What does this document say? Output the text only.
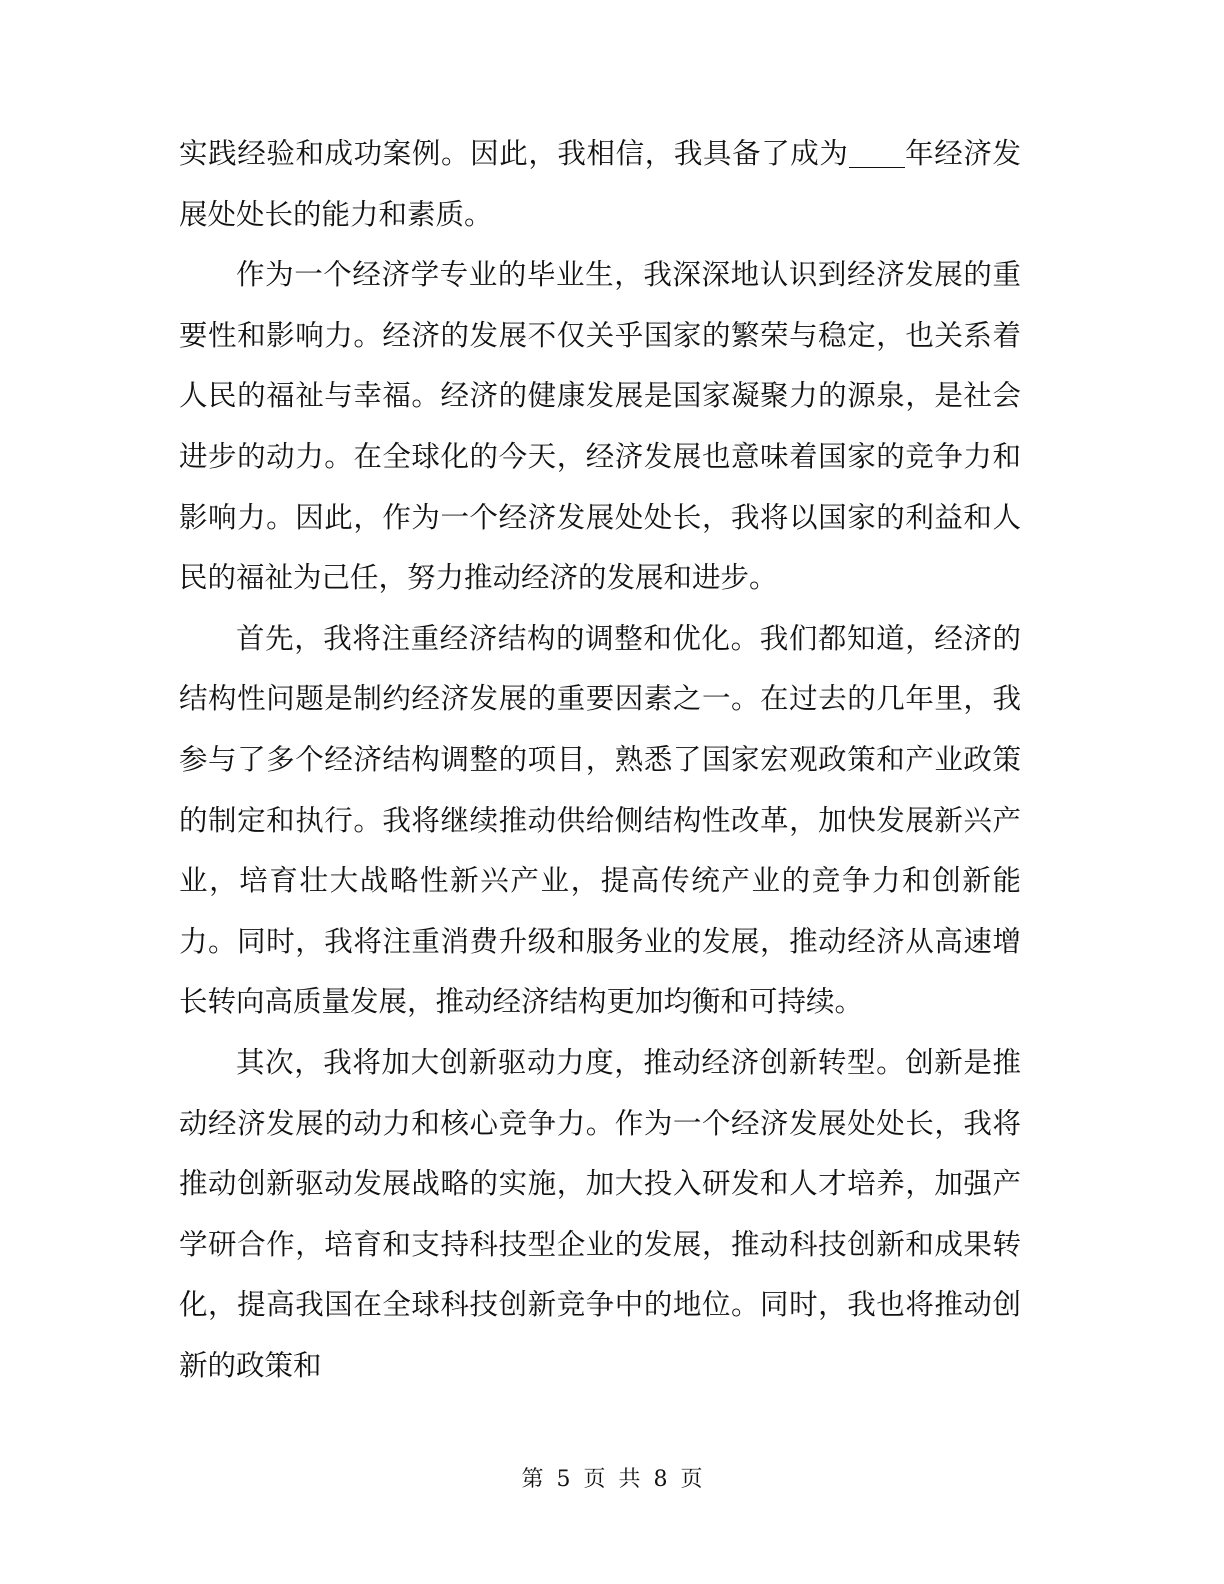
实践经验和成功案例。因此，我相信，我具备了成为 年经济发展处处长的能力和素质。

作为一个经济学专业的毕业生，我深深地认识到经济发展的重要性和影响力。经济的发展不仅关乎国家的繁荣与稳定，也关系着人民的福祉与幸福。经济的健康发展是国家凝聚力的源泉，是社会进步的动力。在全球化的今天，经济发展也意味着国家的竞争力和影响力。因此，作为一个经济发展处处长，我将以国家的利益和人民的福祉为己任，努力推动经济的发展和进步。

首先，我将注重经济结构的调整和优化。我们都知道，经济的结构性问题是制约经济发展的重要因素之一。在过去的几年里，我参与了多个经济结构调整的项目，熟悉了国家宏观政策和产业政策的制定和执行。我将继续推动供给侧结构性改革，加快发展新兴产业，培育壮大战略性新兴产业，提高传统产业的竞争力和创新能力。同时，我将注重消费升级和服务业的发展，推动经济从高速增长转向高质量发展，推动经济结构更加均衡和可持续。

其次，我将加大创新驱动力度，推动经济创新转型。创新是推动经济发展的动力和核心竞争力。作为一个经济发展处处长，我将推动创新驱动发展战略的实施，加大投入研发和人才培养，加强产学研合作，培育和支持科技型企业的发展，推动科技创新和成果转化，提高我国在全球科技创新竞争中的地位。同时，我也将推动创新的政策和

第 5 页 共 8 页
